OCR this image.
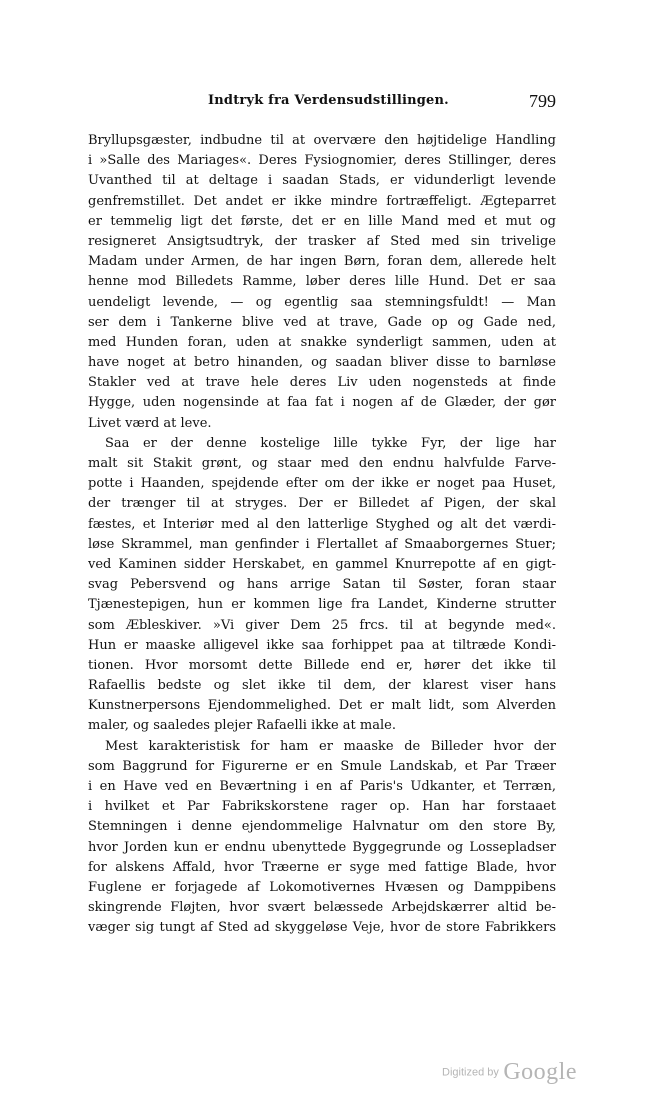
Indtryk fra Verdensudstillingen.	799
Bryllupsgæster, indbudne til at overvære den højtidelige Handling
i »Salle des Mariages«. Deres Fysiognomier, deres Stillinger, deres
Uvanthed til at deltage i saadan Stads, er vidunderligt levende
genfremstillet. Det andet er ikke mindre fortræffeligt. Ægteparret
er temmelig ligt det første, det er en lille Mand med et mut og
resigneret Ansigtsudtryk, der trasker af Sted med sin trivelige
Madam under Armen, de har ingen Børn, foran dem, allerede helt
henne mod Billedets Ramme, løber deres lille Hund. Det er saa
uendeligt levende, — og egentlig saa stemningsfuldt! — Man
ser dem i Tankerne blive ved at trave, Gade op og Gade ned,
med Hunden foran, uden at snakke synderligt sammen, uden at
have noget at betro hinanden, og saadan bliver disse to barnløse
Stakler ved at trave hele deres Liv uden nogensteds at finde
Hygge, uden nogensinde at faa fat i nogen af de Glæder, der gør
Livet værd at leve.
Saa er der denne kostelige lille tykke Fyr, der lige har
malt sit Stakit grønt, og staar med den endnu halvfulde Farve-
potte i Haanden, spejdende efter om der ikke er noget paa Huset,
der trænger til at stryges. Der er Billedet af Pigen, der skal
fæstes, et Interiør med al den latterlige Styghed og alt det værdi-
løse Skrammel, man genfinder i Flertallet af Smaaborgernes Stuer;
ved Kaminen sidder Herskabet, en gammel Knurrepotte af en gigt-
svag Pebersvend og hans arrige Satan til Søster, foran staar
Tjænestepigen, hun er kommen lige fra Landet, Kinderne strutter
som Æbleskiver. »Vi giver Dem 25 frcs. til at begynde med«.
Hun er maaske alligevel ikke saa forhippet paa at tiltræde Kondi-
tionen. Hvor morsomt dette Billede end er, hører det ikke til
Rafaellis bedste og slet ikke til dem, der klarest viser hans
Kunstnerpersons Ejendommelighed. Det er malt lidt, som Alverden
maler, og saaledes plejer Rafaelli ikke at male.
Mest karakteristisk for ham er maaske de Billeder hvor der
som Baggrund for Figurerne er en Smule Landskab, et Par Træer
i en Have ved en Beværtning i en af Paris's Udkanter, et Terræn,
i hvilket et Par Fabrikskorstene rager op. Han har forstaaet
Stemningen i denne ejendommelige Halvnatur om den store By,
hvor Jorden kun er endnu ubenyttede Byggegrunde og Lossepladser
for alskens Affald, hvor Træerne er syge med fattige Blade, hvor
Fuglene er forjagede af Lokomotivernes Hvæsen og Damppibens
skingrende Fløjten, hvor svært belæssede Arbejdskærrer altid be-
væger sig tungt af Sted ad skyggeløse Veje, hvor de store Fabrikkers
Digitized by Google
